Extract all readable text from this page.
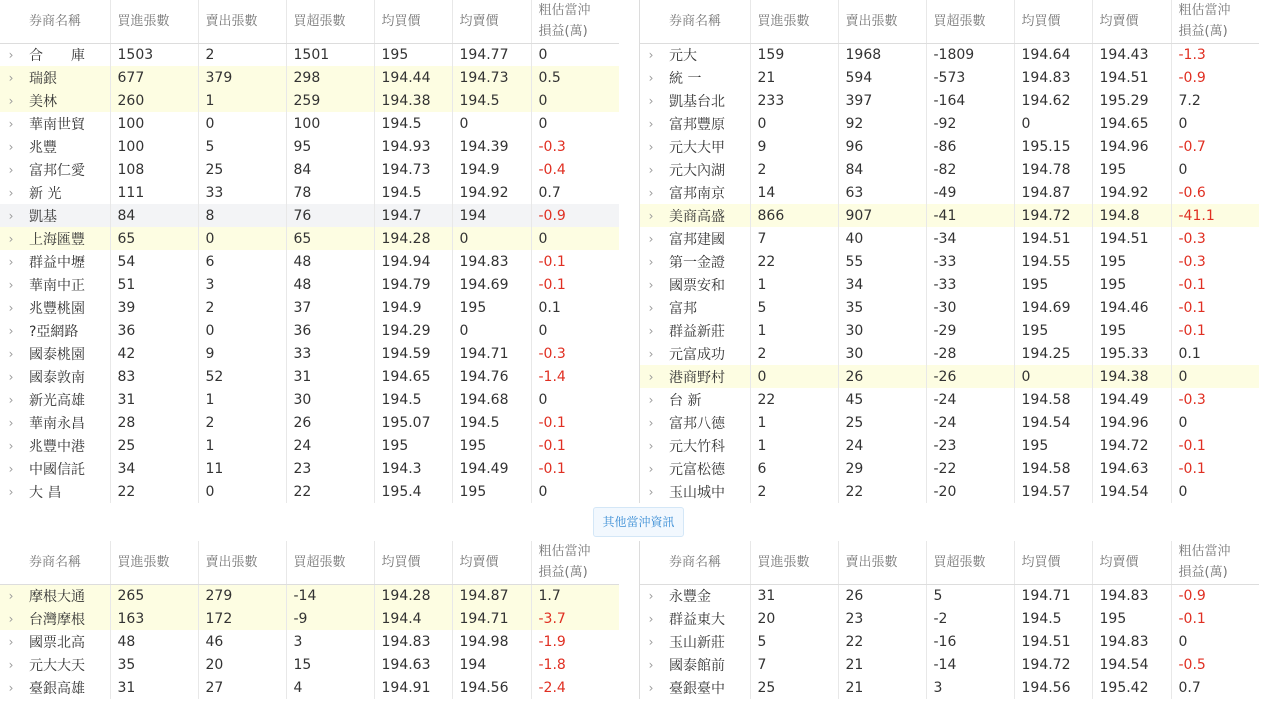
	券商名稱	買進張數	賣出張數	買超張數	均買價	均賣價	粗估當沖
損益(萬)

›	合　　庫	1503	2	1501	195	194.77	0
›	瑞銀	677	379	298	194.44	194.73	0.5
›	美林	260	1	259	194.38	194.5	0
›	華南世貿	100	0	100	194.5	0	0
›	兆豐	100	5	95	194.93	194.39	-0.3
›	富邦仁愛	108	25	84	194.73	194.9	-0.4
›	新 光	111	33	78	194.5	194.92	0.7
›	凱基	84	8	76	194.7	194	-0.9
›	上海匯豐	65	0	65	194.28	0	0
›	群益中壢	54	6	48	194.94	194.83	-0.1
›	華南中正	51	3	48	194.79	194.69	-0.1
›	兆豐桃園	39	2	37	194.9	195	0.1
›	?亞網路	36	0	36	194.29	0	0
›	國泰桃園	42	9	33	194.59	194.71	-0.3
›	國泰敦南	83	52	31	194.65	194.76	-1.4
›	新光高雄	31	1	30	194.5	194.68	0
›	華南永昌	28	2	26	195.07	194.5	-0.1
›	兆豐中港	25	1	24	195	195	-0.1
›	中國信託	34	11	23	194.3	194.49	-0.1
›	大 昌	22	0	22	195.4	195	0
	券商名稱	買進張數	賣出張數	買超張數	均買價	均賣價	粗估當沖
損益(萬)

›	元大	159	1968	-1809	194.64	194.43	-1.3
›	統 一	21	594	-573	194.83	194.51	-0.9
›	凱基台北	233	397	-164	194.62	195.29	7.2
›	富邦豐原	0	92	-92	0	194.65	0
›	元大大甲	9	96	-86	195.15	194.96	-0.7
›	元大內湖	2	84	-82	194.78	195	0
›	富邦南京	14	63	-49	194.87	194.92	-0.6
›	美商高盛	866	907	-41	194.72	194.8	-41.1
›	富邦建國	7	40	-34	194.51	194.51	-0.3
›	第一金證	22	55	-33	194.55	195	-0.3
›	國票安和	1	34	-33	195	195	-0.1
›	富邦	5	35	-30	194.69	194.46	-0.1
›	群益新莊	1	30	-29	195	195	-0.1
›	元富成功	2	30	-28	194.25	195.33	0.1
›	港商野村	0	26	-26	0	194.38	0
›	台 新	22	45	-24	194.58	194.49	-0.3
›	富邦八德	1	25	-24	194.54	194.96	0
›	元大竹科	1	24	-23	195	194.72	-0.1
›	元富松德	6	29	-22	194.58	194.63	-0.1
›	玉山城中	2	22	-20	194.57	194.54	0
其他當沖資訊
	券商名稱	買進張數	賣出張數	買超張數	均買價	均賣價	粗估當沖
損益(萬)

›	摩根大通	265	279	-14	194.28	194.87	1.7
›	台灣摩根	163	172	-9	194.4	194.71	-3.7
›	國票北高	48	46	3	194.83	194.98	-1.9
›	元大大天	35	20	15	194.63	194	-1.8
›	臺銀高雄	31	27	4	194.91	194.56	-2.4
	券商名稱	買進張數	賣出張數	買超張數	均買價	均賣價	粗估當沖
損益(萬)

›	永豐金	31	26	5	194.71	194.83	-0.9
›	群益東大	20	23	-2	194.5	195	-0.1
›	玉山新莊	5	22	-16	194.51	194.83	0
›	國泰館前	7	21	-14	194.72	194.54	-0.5
›	臺銀臺中	25	21	3	194.56	195.42	0.7
